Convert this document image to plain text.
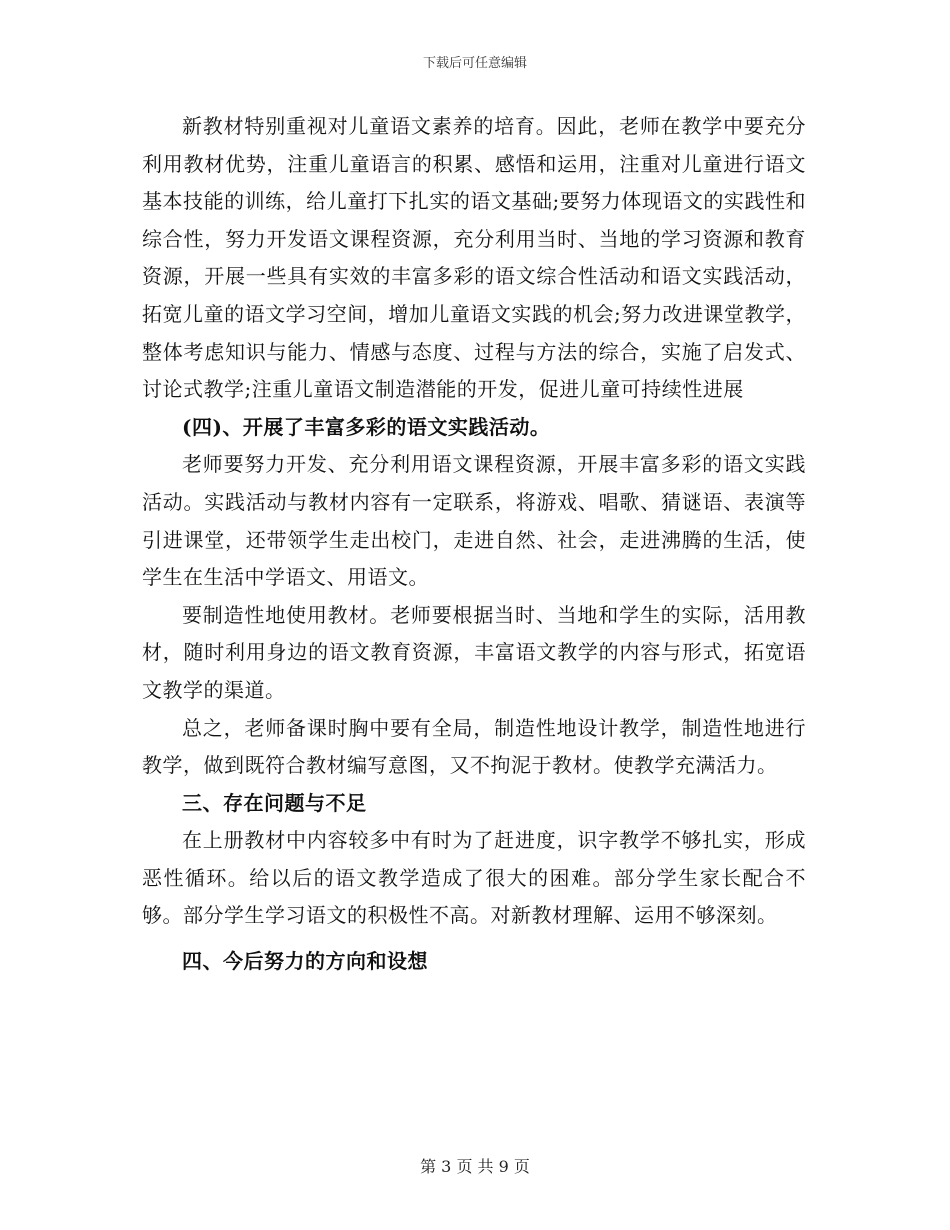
下载后可任意编辑

新教材特别重视对儿童语文素养的培育。因此，老师在教学中要充分利用教材优势，注重儿童语言的积累、感悟和运用，注重对儿童进行语文基本技能的训练，给儿童打下扎实的语文基础;要努力体现语文的实践性和综合性，努力开发语文课程资源，充分利用当时、当地的学习资源和教育资源，开展一些具有实效的丰富多彩的语文综合性活动和语文实践活动，拓宽儿童的语文学习空间，增加儿童语文实践的机会;努力改进课堂教学，整体考虑知识与能力、情感与态度、过程与方法的综合，实施了启发式、讨论式教学;注重儿童语文制造潜能的开发，促进儿童可持续性进展

(四)、开展了丰富多彩的语文实践活动。

老师要努力开发、充分利用语文课程资源，开展丰富多彩的语文实践活动。实践活动与教材内容有一定联系，将游戏、唱歌、猜谜语、表演等引进课堂，还带领学生走出校门，走进自然、社会，走进沸腾的生活，使学生在生活中学语文、用语文。

要制造性地使用教材。老师要根据当时、当地和学生的实际，活用教材，随时利用身边的语文教育资源，丰富语文教学的内容与形式，拓宽语文教学的渠道。

总之，老师备课时胸中要有全局，制造性地设计教学，制造性地进行教学，做到既符合教材编写意图，又不拘泥于教材。使教学充满活力。

三、存在问题与不足

在上册教材中内容较多中有时为了赶进度，识字教学不够扎实，形成恶性循环。给以后的语文教学造成了很大的困难。部分学生家长配合不够。部分学生学习语文的积极性不高。对新教材理解、运用不够深刻。

四、今后努力的方向和设想

第 3 页 共 9 页
